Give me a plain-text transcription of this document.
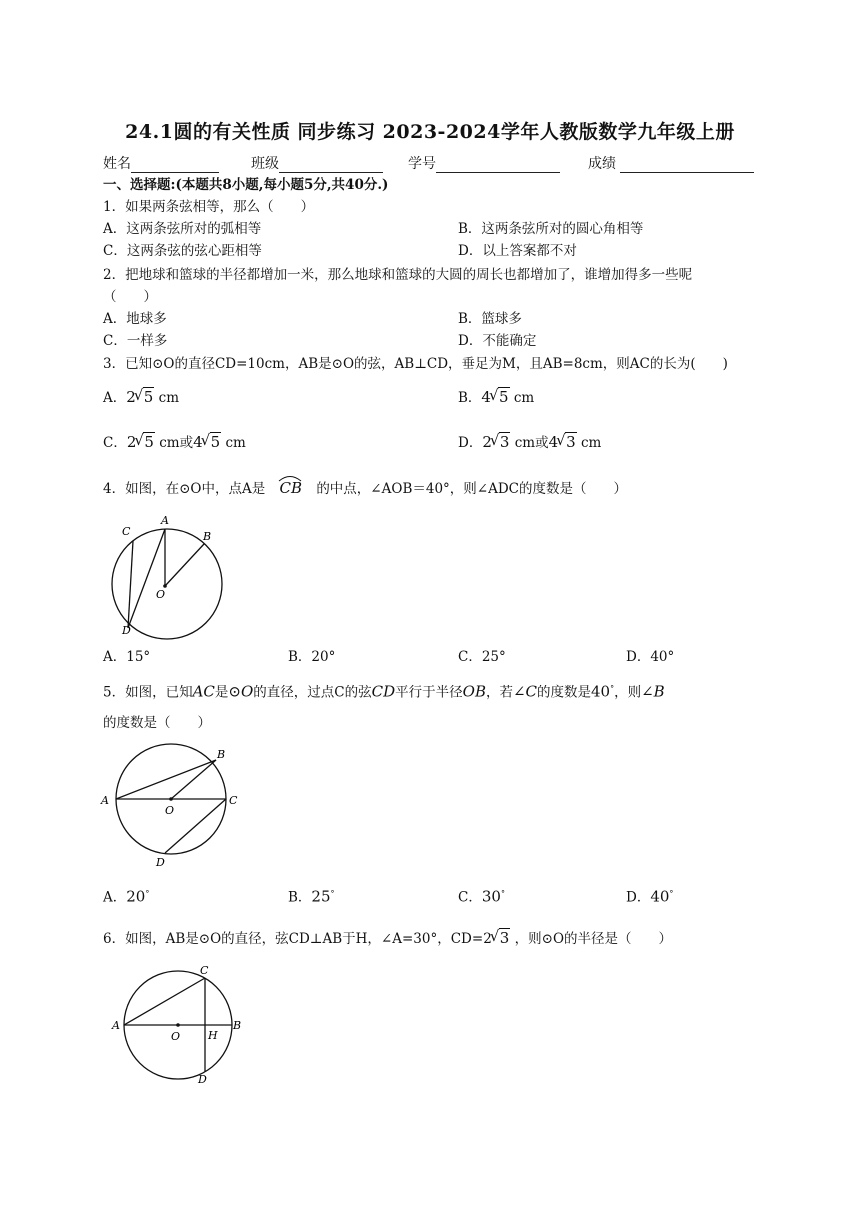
24.1圆的有关性质 同步练习 2023-2024学年人教版数学九年级上册
姓名	班级	学号	成绩
一、选择题:(本题共8小题,每小题5分,共40分.)
1．如果两条弦相等，那么（　　）
A．这两条弦所对的弧相等	B．这两条弦所对的圆心角相等
C．这两条弦的弦心距相等	D．以上答案都不对
2．把地球和篮球的半径都增加一米，那么地球和篮球的大圆的周长也都增加了，谁增加得多一些呢
（　　）
A．地球多	B．篮球多
C．一样多	D．不能确定
3．已知⊙O的直径CD=10cm，AB是⊙O的弦，AB⊥CD，垂足为M，且AB=8cm，则AC的长为(　　)
A．2 √ 5 cm	B．4 √ 5 cm
C．2 √ 5 cm或4 √ 5 cm	D．2 √ 3 cm或4 √ 3 cm
4．如图，在⊙O中，点A是 CB 的中点，∠AOB＝40°，则∠ADC的度数是（　　）
A
B
C
D
O
A．15°	B．20°	C．25°	D．40°
5．如图，已知AC是⊙O的直径，过点C的弦CD平行于半径OB，若∠C的度数是40°，则∠B
的度数是（　　）
A
B
C
D
O
A．20°	B．25°	C．30°	D．40°
6．如图，AB是⊙O的直径，弦CD⊥AB于H，∠A=30°，CD=2 √ 3 ，则⊙O的半径是（　　）
A	B
C
D
O	H
